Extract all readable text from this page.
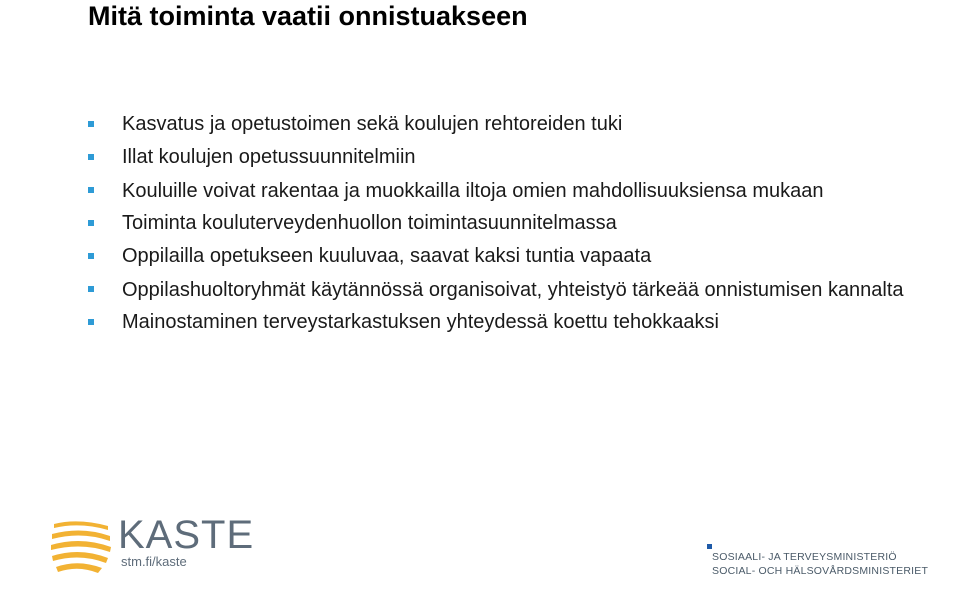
Mitä toiminta vaatii onnistuakseen
Kasvatus ja opetustoimen sekä koulujen rehtoreiden tuki
Illat koulujen opetussuunnitelmiin
Kouluille voivat rakentaa ja muokkailla iltoja omien mahdollisuuksiensa mukaan
Toiminta kouluterveydenhuollon toimintasuunnitelmassa
Oppilailla opetukseen kuuluvaa, saavat kaksi tuntia vapaata
Oppilashuoltoryhmät käytännössä organisoivat, yhteistyö tärkeää onnistumisen kannalta
Mainostaminen terveystarkastuksen yhteydessä koettu tehokkaaksi
KASTE
stm.fi/kaste	SOSIAALI- JA TERVEYSMINISTERIÖ
SOCIAL- OCH HÄLSOVÅRDSMINISTERIET
